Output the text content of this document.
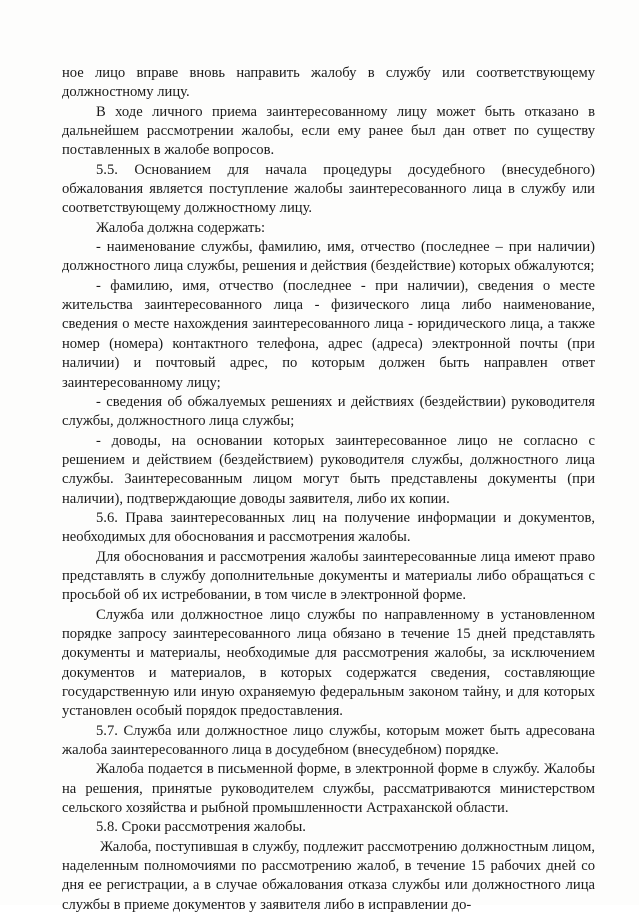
ное лицо вправе вновь направить жалобу в службу или соответствующему должностному лицу.

В ходе личного приема заинтересованному лицу может быть отказано в дальнейшем рассмотрении жалобы, если ему ранее был дан ответ по существу поставленных в жалобе вопросов.

5.5. Основанием для начала процедуры досудебного (внесудебного) обжалования является поступление жалобы заинтересованного лица в службу или соответствующему должностному лицу.

Жалоба должна содержать:

- наименование службы, фамилию, имя, отчество (последнее – при наличии) должностного лица службы, решения и действия (бездействие) которых обжалуются;

- фамилию, имя, отчество (последнее - при наличии), сведения о месте жительства заинтересованного лица - физического лица либо наименование, сведения о месте нахождения заинтересованного лица - юридического лица, а также номер (номера) контактного телефона, адрес (адреса) электронной почты (при наличии) и почтовый адрес, по которым должен быть направлен ответ заинтересованному лицу;

- сведения об обжалуемых решениях и действиях (бездействии) руководителя службы, должностного лица службы;

- доводы, на основании которых заинтересованное лицо не согласно с решением и действием (бездействием) руководителя службы, должностного лица службы. Заинтересованным лицом могут быть представлены документы (при наличии), подтверждающие доводы заявителя, либо их копии.

5.6. Права заинтересованных лиц на получение информации и документов, необходимых для обоснования и рассмотрения жалобы.

Для обоснования и рассмотрения жалобы заинтересованные лица имеют право представлять в службу дополнительные документы и материалы либо обращаться с просьбой об их истребовании, в том числе в электронной форме.

Служба или должностное лицо службы по направленному в установленном порядке запросу заинтересованного лица обязано в течение 15 дней представлять документы и материалы, необходимые для рассмотрения жалобы, за исключением документов и материалов, в которых содержатся сведения, составляющие государственную или иную охраняемую федеральным законом тайну, и для которых установлен особый порядок предоставления.

5.7. Служба или должностное лицо службы, которым может быть адресована жалоба заинтересованного лица в досудебном (внесудебном) порядке.

Жалоба подается в письменной форме, в электронной форме в службу. Жалобы на решения, принятые руководителем службы, рассматриваются министерством сельского хозяйства и рыбной промышленности Астраханской области.

5.8. Сроки рассмотрения жалобы.

Жалоба, поступившая в службу, подлежит рассмотрению должностным лицом, наделенным полномочиями по рассмотрению жалоб, в течение 15 рабочих дней со дня ее регистрации, а в случае обжалования отказа службы или должностного лица службы в приеме документов у заявителя либо в исправлении до-
